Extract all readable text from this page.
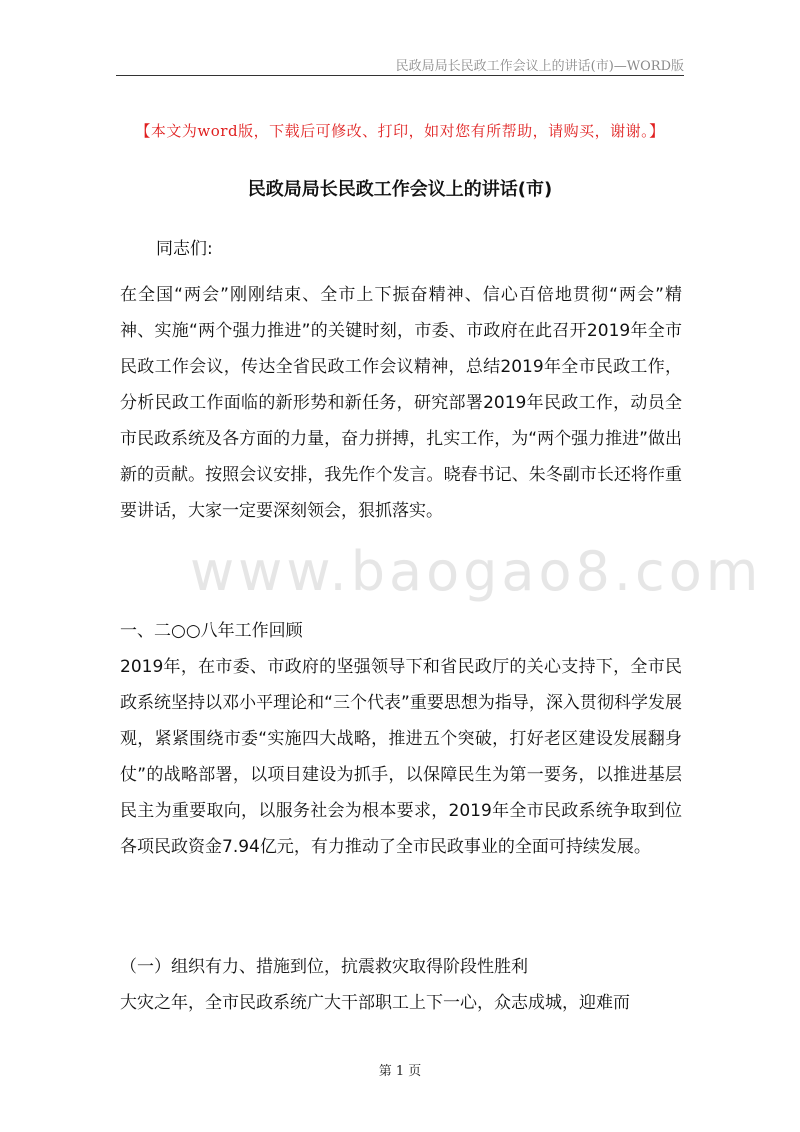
民政局局长民政工作会议上的讲话(市)—WORD版
www.baogao8.com
【本文为word版，下载后可修改、打印，如对您有所帮助，请购买，谢谢。】
民政局局长民政工作会议上的讲话(市)
同志们:
在全国“两会”刚刚结束、全市上下振奋精神、信心百倍地贯彻“两会”精神、实施“两个强力推进”的关键时刻，市委、市政府在此召开2019年全市民政工作会议，传达全省民政工作会议精神，总结2019年全市民政工作，分析民政工作面临的新形势和新任务，研究部署2019年民政工作，动员全市民政系统及各方面的力量，奋力拼搏，扎实工作，为“两个强力推进”做出新的贡献。按照会议安排，我先作个发言。晓春书记、朱冬副市长还将作重要讲话，大家一定要深刻领会，狠抓落实。
一、二○○八年工作回顾
2019年，在市委、市政府的坚强领导下和省民政厅的关心支持下，全市民政系统坚持以邓小平理论和“三个代表”重要思想为指导，深入贯彻科学发展观，紧紧围绕市委“实施四大战略，推进五个突破，打好老区建设发展翻身仗”的战略部署，以项目建设为抓手，以保障民生为第一要务，以推进基层民主为重要取向，以服务社会为根本要求，2019年全市民政系统争取到位各项民政资金7.94亿元，有力推动了全市民政事业的全面可持续发展。
（一）组织有力、措施到位，抗震救灾取得阶段性胜利
大灾之年，全市民政系统广大干部职工上下一心，众志成城，迎难而
第 1 页
